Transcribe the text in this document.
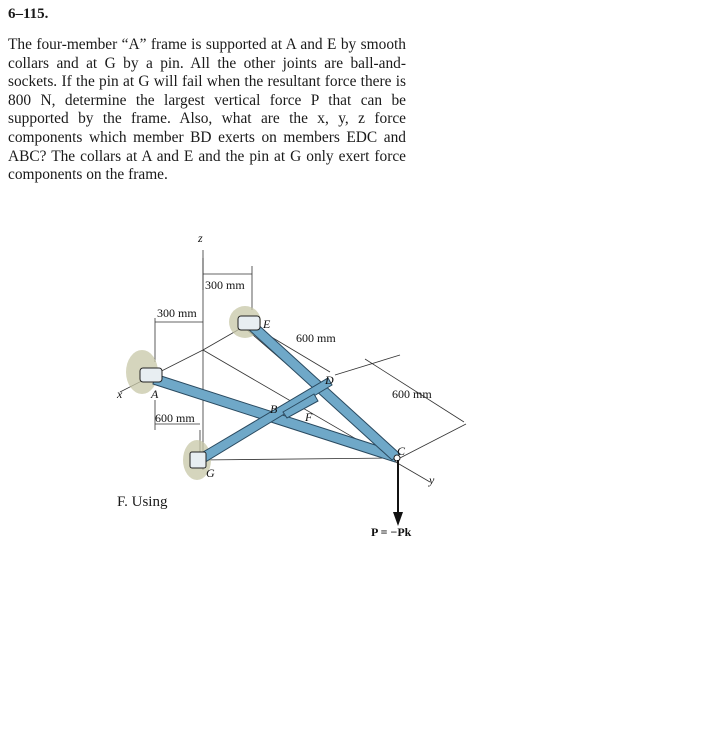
6–115.

The four-member “A” frame is supported at A and E by smooth collars and at G by a pin. All the other joints are ball-and-sockets. If the pin at G will fail when the resultant force there is 800 N, determine the largest vertical force P that can be supported by the frame. Also, what are the x, y, z force components which member BD exerts on members EDC and ABC? The collars at A and E and the pin at G only exert force components on the frame.

z
x
y
A
B
C
D
E
F
G
300 mm
300 mm
600 mm
600 mm
600 mm
P = −Pk
F. Using
